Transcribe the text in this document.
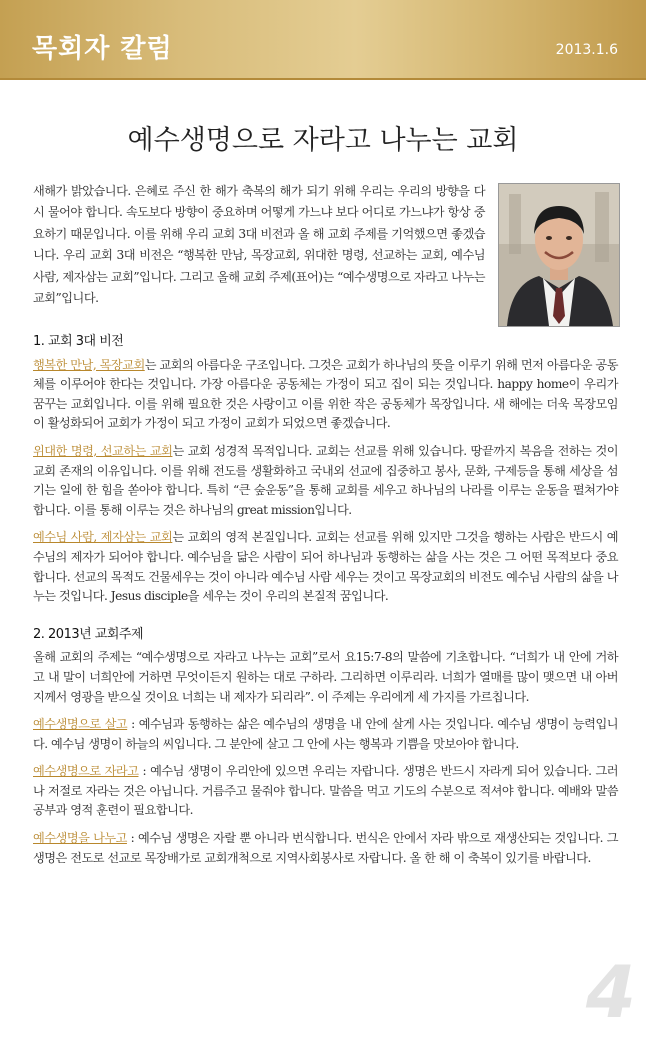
목회자 칼럼	2013.1.6
예수생명으로 자라고 나누는 교회
새해가 밝았습니다. 은혜로 주신 한 해가 축복의 해가 되기 위해 우리는 우리의 방향을 다시 물어야 합니다. 속도보다 방향이 중요하며 어떻게 가느냐 보다 어디로 가느냐가 항상 중요하기 때문입니다. 이를 위해 우리 교회 3대 비전과 올 해 교회 주제를 기억했으면 좋겠습니다. 우리 교회 3대 비전은 “행복한 만남, 목장교회, 위대한 명령, 선교하는 교회, 예수님 사람, 제자삼는 교회”입니다. 그리고 올해 교회 주제(표어)는 “예수생명으로 자라고 나누는 교회”입니다.
1. 교회 3대 비전

행복한 만남, 목장교회는 교회의 아름다운 구조입니다. 그것은 교회가 하나님의 뜻을 이루기 위해 먼저 아름다운 공동체를 이루어야 한다는 것입니다. 가장 아름다운 공동체는 가정이 되고 집이 되는 것입니다. happy home이 우리가 꿈꾸는 교회입니다. 이를 위해 필요한 것은 사랑이고 이를 위한 작은 공동체가 목장입니다. 새 해에는 더욱 목장모임이 활성화되어 교회가 가정이 되고 가정이 교회가 되었으면 좋겠습니다.

위대한 명령, 선교하는 교회는 교회 성경적 목적입니다. 교회는 선교를 위해 있습니다. 땅끝까지 복음을 전하는 것이 교회 존재의 이유입니다. 이를 위해 전도를 생활화하고 국내외 선교에 집중하고 봉사, 문화, 구제등을 통해 세상을 섬기는 일에 한 힘을 쏟아야 합니다. 특히 “큰 숲운동”을 통해 교회를 세우고 하나님의 나라를 이루는 운동을 펼쳐가야 합니다. 이를 통해 이루는 것은 하나님의 great mission입니다.

예수님 사람, 제자삼는 교회는 교회의 영적 본질입니다. 교회는 선교를 위해 있지만 그것을 행하는 사람은 반드시 예수님의 제자가 되어야 합니다. 예수님을 닮은 사람이 되어 하나님과 동행하는 삶을 사는 것은 그 어떤 목적보다 중요합니다. 선교의 목적도 건물세우는 것이 아니라 예수님 사람 세우는 것이고 목장교회의 비전도 예수님 사람의 삶을 나누는 것입니다. Jesus disciple을 세우는 것이 우리의 본질적 꿈입니다.

2. 2013년 교회주제

올해 교회의 주제는 “예수생명으로 자라고 나누는 교회”로서 요15:7-8의 말씀에 기초합니다. “너희가 내 안에 거하고 내 말이 너희안에 거하면 무엇이든지 원하는 대로 구하라. 그리하면 이루리라. 너희가 열매를 많이 맺으면 내 아버지께서 영광을 받으실 것이요 너희는 내 제자가 되리라”. 이 주제는 우리에게 세 가지를 가르칩니다.

예수생명으로 살고 : 예수님과 동행하는 삶은 예수님의 생명을 내 안에 살게 사는 것입니다. 예수님 생명이 능력입니다. 예수님 생명이 하늘의 씨입니다. 그 분안에 살고 그 안에 사는 행복과 기쁨을 맛보아야 합니다.

예수생명으로 자라고 : 예수님 생명이 우리안에 있으면 우리는 자랍니다. 생명은 반드시 자라게 되어 있습니다. 그러나 저절로 자라는 것은 아닙니다. 거름주고 물줘야 합니다. 말씀을 먹고 기도의 수분으로 적셔야 합니다. 예배와 말씀공부과 영적 훈련이 필요합니다.

예수생명을 나누고 : 예수님 생명은 자랄 뿐 아니라 번식합니다. 번식은 안에서 자라 밖으로 재생산되는 것입니다. 그 생명은 전도로 선교로 목장배가로 교회개척으로 지역사회봉사로 자랍니다. 올 한 해 이 축복이 있기를 바랍니다.

4
